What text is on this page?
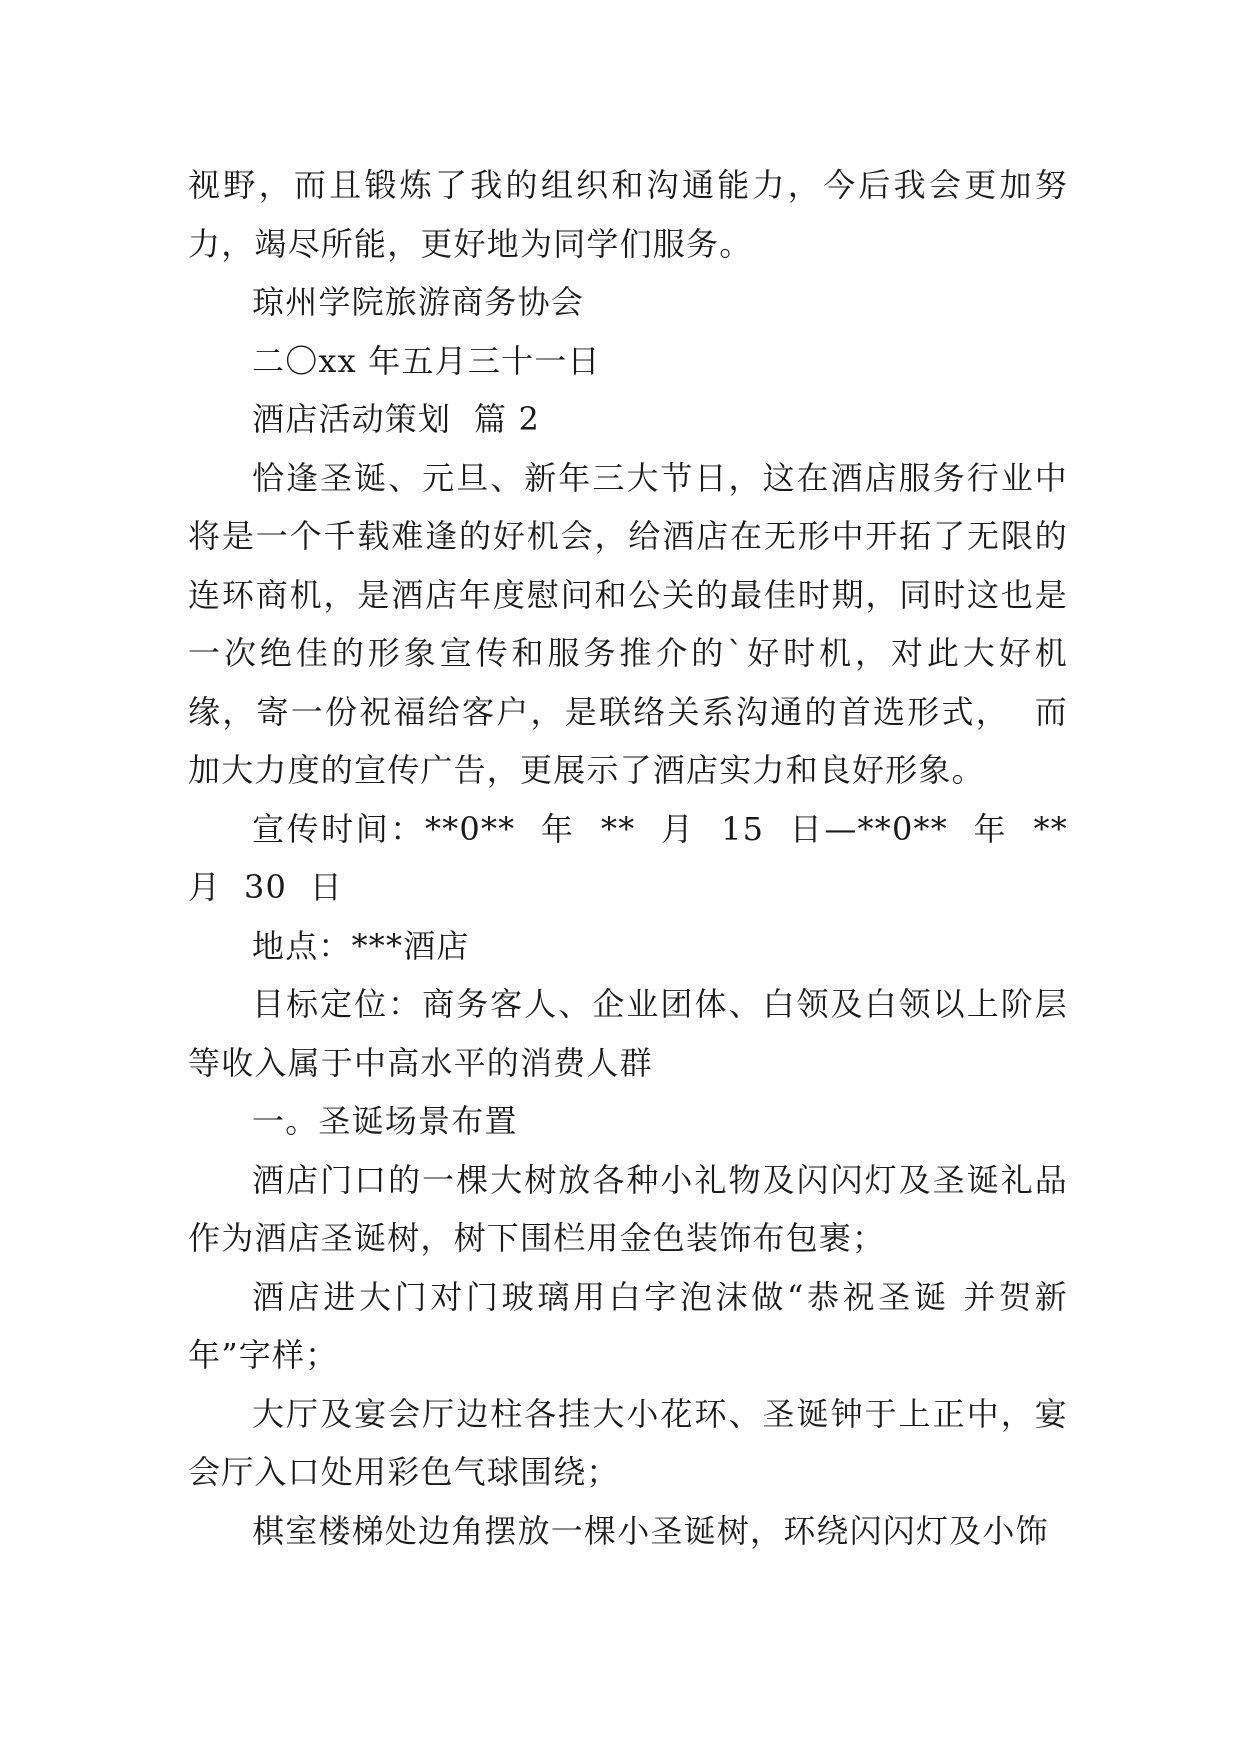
视野，而且锻炼了我的组织和沟通能力，今后我会更加努力，竭尽所能，更好地为同学们服务。

琼州学院旅游商务协会

二〇xx 年五月三十一日

酒店活动策划  篇 2

恰逢圣诞、元旦、新年三大节日，这在酒店服务行业中将是一个千载难逢的好机会，给酒店在无形中开拓了无限的连环商机，是酒店年度慰问和公关的最佳时期，同时这也是一次绝佳的形象宣传和服务推介的`好时机，对此大好机缘，寄一份祝福给客户，是联络关系沟通的首选形式，  而加大力度的宣传广告，更展示了酒店实力和良好形象。

宣传时间：**0**  年  **  月  15  日—**0**  年  **  月  30  日

地点：***酒店

目标定位：商务客人、企业团体、白领及白领以上阶层等收入属于中高水平的消费人群

一。圣诞场景布置

酒店门口的一棵大树放各种小礼物及闪闪灯及圣诞礼品作为酒店圣诞树，树下围栏用金色装饰布包裹；

酒店进大门对门玻璃用白字泡沫做“恭祝圣诞 并贺新年”字样；

大厅及宴会厅边柱各挂大小花环、圣诞钟于上正中，宴会厅入口处用彩色气球围绕；

棋室楼梯处边角摆放一棵小圣诞树，环绕闪闪灯及小饰
